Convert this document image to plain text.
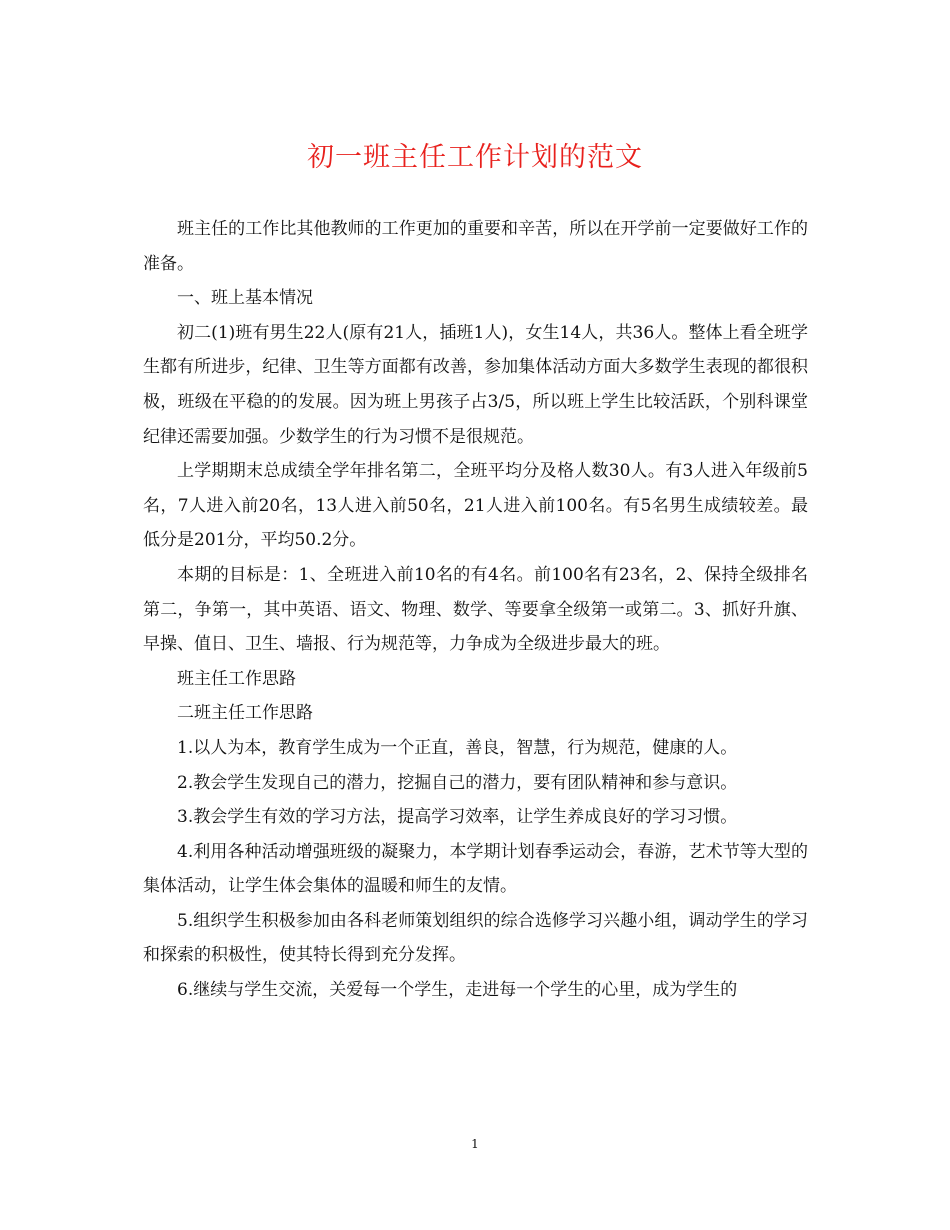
初一班主任工作计划的范文

班主任的工作比其他教师的工作更加的重要和辛苦，所以在开学前一定要做好工作的准备。

一、班上基本情况

初二(1)班有男生22人(原有21人，插班1人)，女生14人，共36人。整体上看全班学生都有所进步，纪律、卫生等方面都有改善，参加集体活动方面大多数学生表现的都很积极，班级在平稳的的发展。因为班上男孩子占3/5，所以班上学生比较活跃，个别科课堂纪律还需要加强。少数学生的行为习惯不是很规范。

上学期期末总成绩全学年排名第二，全班平均分及格人数30人。有3人进入年级前5名，7人进入前20名，13人进入前50名，21人进入前100名。有5名男生成绩较差。最低分是201分，平均50.2分。

本期的目标是：1、全班进入前10名的有4名。前100名有23名，2、保持全级排名第二，争第一，其中英语、语文、物理、数学、等要拿全级第一或第二。3、抓好升旗、早操、值日、卫生、墙报、行为规范等，力争成为全级进步最大的班。

班主任工作思路

二班主任工作思路

1.以人为本，教育学生成为一个正直，善良，智慧，行为规范，健康的人。

2.教会学生发现自己的潜力，挖掘自己的潜力，要有团队精神和参与意识。

3.教会学生有效的学习方法，提高学习效率，让学生养成良好的学习习惯。

4.利用各种活动增强班级的凝聚力，本学期计划春季运动会，春游，艺术节等大型的集体活动，让学生体会集体的温暖和师生的友情。

5.组织学生积极参加由各科老师策划组织的综合选修学习兴趣小组，调动学生的学习和探索的积极性，使其特长得到充分发挥。

6.继续与学生交流，关爱每一个学生，走进每一个学生的心里，成为学生的

1
